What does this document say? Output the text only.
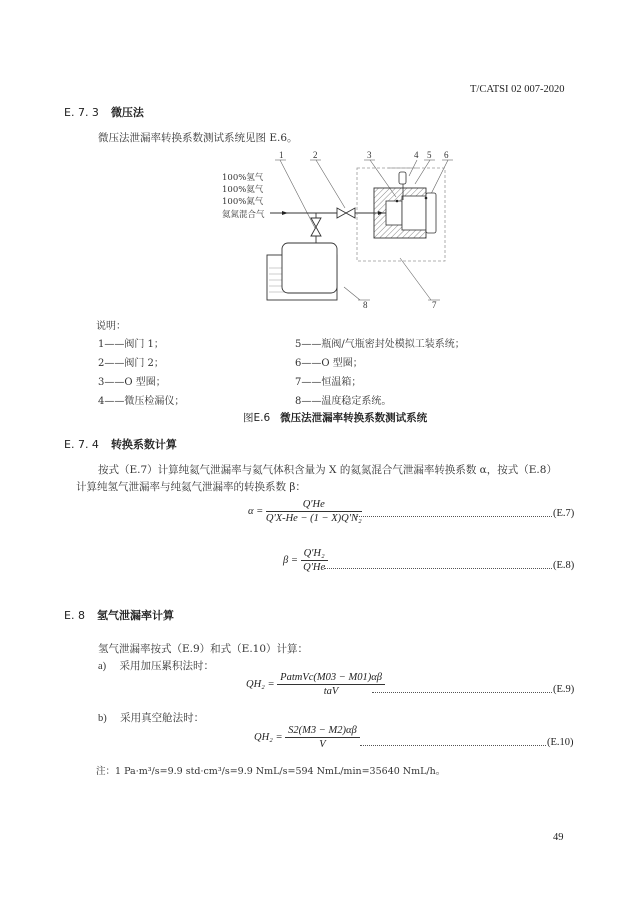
T/CATSI 02 007-2020
E. 7. 3 微压法
微压法泄漏率转换系数测试系统见图 E.6。
1	2	3	4 5 6
7
8
100%氢气
100%氦气
100%氮气
氦氮混合气
说明：
1——阀门 1；
2——阀门 2；
3——O 型圈；
4——微压检漏仪；
5——瓶阀/气瓶密封处模拟工装系统；
6——O 型圈；
7——恒温箱；
8——温度稳定系统。
图E.6 微压法泄漏率转换系数测试系统
E. 7. 4 转换系数计算
按式（E.7）计算纯氦气泄漏率与氦气体积含量为 X 的氦氮混合气泄漏率转换系数 α，按式（E.8）
计算纯氢气泄漏率与纯氦气泄漏率的转换系数 β：
$\alpha = \frac{Q'He}{\text{Q'X-He − (1 − X)Q'N₂}}$	(E.7)
$\beta = \frac{\text{Q'H₂}}{Q'He}$	(E.8)
E. 8 氢气泄漏率计算
氢气泄漏率按式（E.9）和式（E.10）计算：
a) 采用加压累积法时：
$QH_2 = \frac{\text{PatmVc(M03 − M01)αβ}}{\text{taV}}$	(E.9)
b) 采用真空舱法时：
$QH_2 = \frac{S2(M3 - M2)\alpha\beta}{V}$	(E.10)
注：1 Pa·m³/s=9.9 std·cm³/s=9.9 NmL/s=594 NmL/min=35640 NmL/h。
49
